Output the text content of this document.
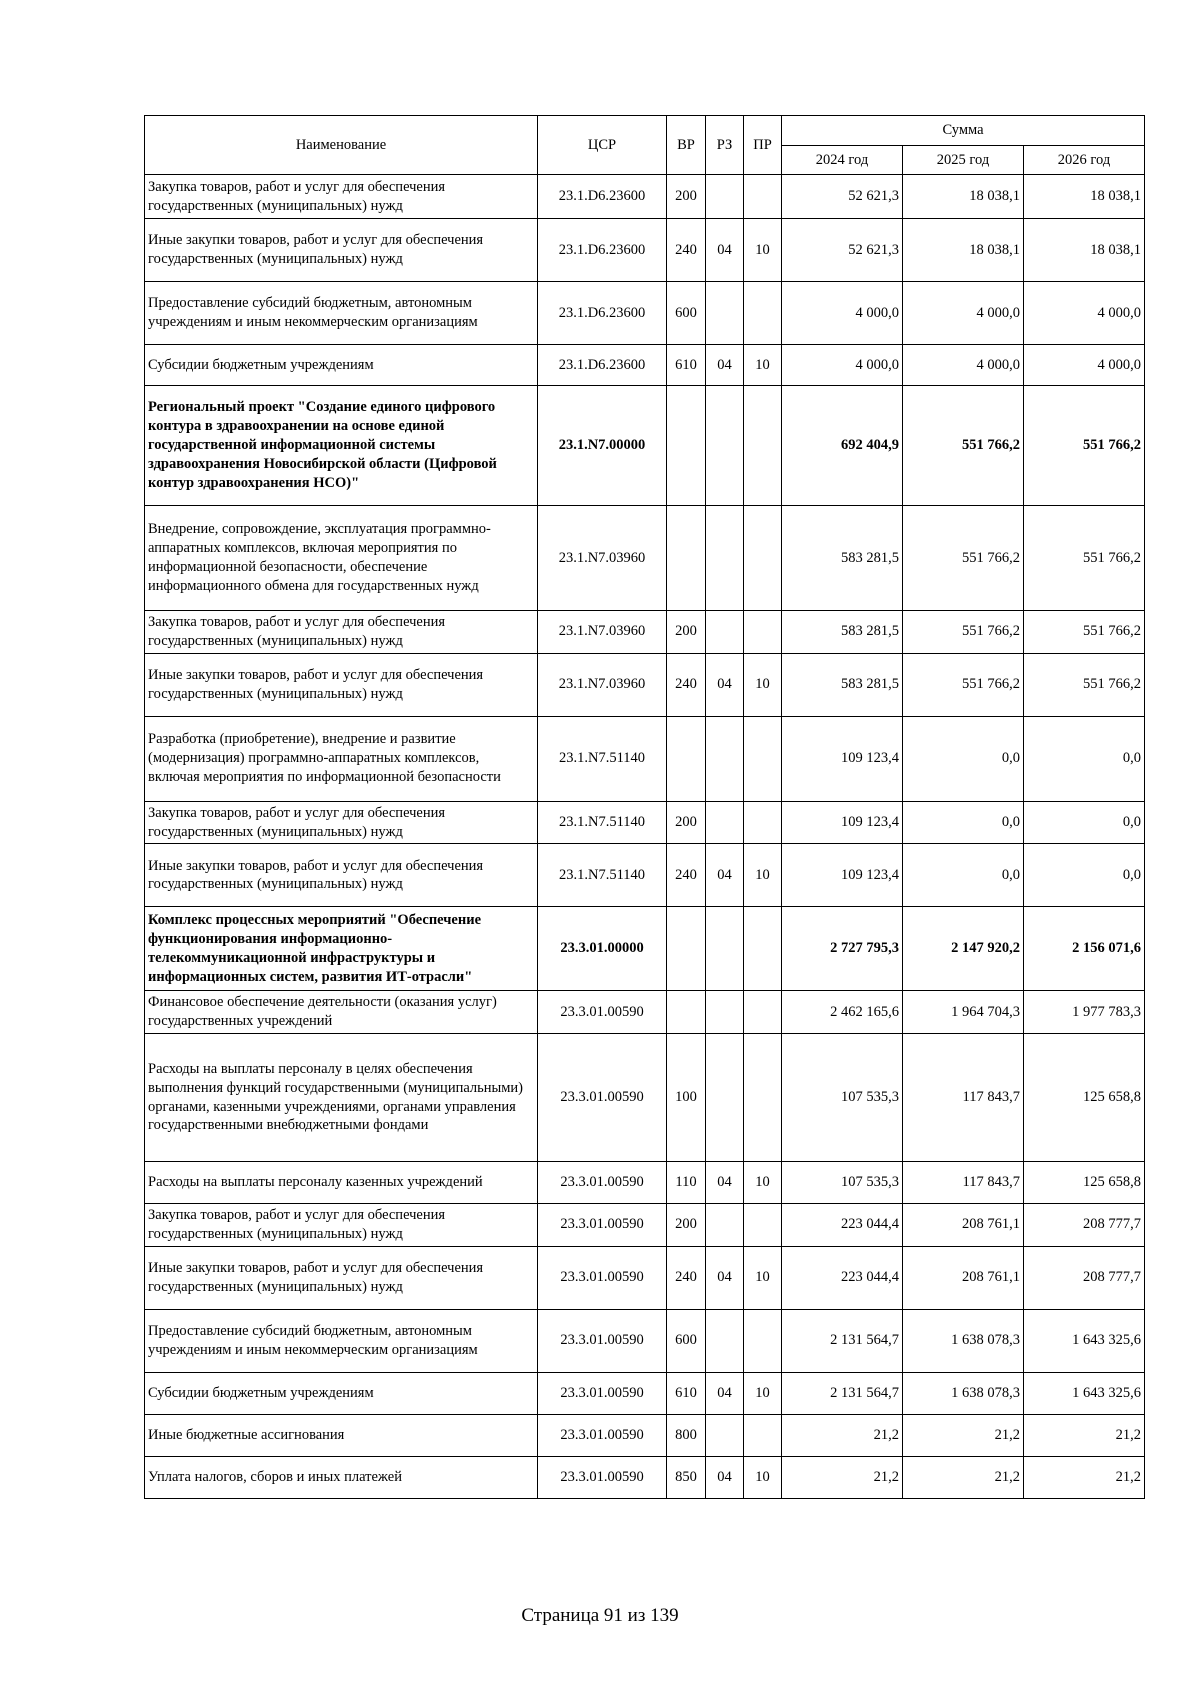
Наименование	ЦСР	ВР	РЗ	ПР	Сумма		
					2024 год	2025 год	2026 год
Закупка товаров, работ и услуг для обеспечения государственных (муниципальных) нужд	23.1.D6.23600	200			52 621,3	18 038,1	18 038,1
Иные закупки товаров, работ и услуг для обеспечения государственных (муниципальных) нужд	23.1.D6.23600	240	04	10	52 621,3	18 038,1	18 038,1
Предоставление субсидий бюджетным, автономным учреждениям и иным некоммерческим организациям	23.1.D6.23600	600			4 000,0	4 000,0	4 000,0
Субсидии бюджетным учреждениям	23.1.D6.23600	610	04	10	4 000,0	4 000,0	4 000,0
Региональный проект "Создание единого цифрового контура в здравоохранении на основе единой государственной информационной системы здравоохранения Новосибирской области (Цифровой контур здравоохранения НСО)"	23.1.N7.00000				692 404,9	551 766,2	551 766,2
Внедрение, сопровождение, эксплуатация программно-аппаратных комплексов, включая мероприятия по информационной безопасности, обеспечение информационного обмена для государственных нужд	23.1.N7.03960				583 281,5	551 766,2	551 766,2
Закупка товаров, работ и услуг для обеспечения государственных (муниципальных) нужд	23.1.N7.03960	200			583 281,5	551 766,2	551 766,2
Иные закупки товаров, работ и услуг для обеспечения государственных (муниципальных) нужд	23.1.N7.03960	240	04	10	583 281,5	551 766,2	551 766,2
Разработка (приобретение), внедрение и развитие (модернизация) программно-аппаратных комплексов, включая мероприятия по информационной безопасности	23.1.N7.51140				109 123,4	0,0	0,0
Закупка товаров, работ и услуг для обеспечения государственных (муниципальных) нужд	23.1.N7.51140	200			109 123,4	0,0	0,0
Иные закупки товаров, работ и услуг для обеспечения государственных (муниципальных) нужд	23.1.N7.51140	240	04	10	109 123,4	0,0	0,0
Комплекс процессных мероприятий "Обеспечение функционирования информационно-телекоммуникационной инфраструктуры и информационных систем, развития ИТ-отрасли"	23.3.01.00000				2 727 795,3	2 147 920,2	2 156 071,6
Финансовое обеспечение деятельности (оказания услуг) государственных учреждений	23.3.01.00590				2 462 165,6	1 964 704,3	1 977 783,3
Расходы на выплаты персоналу в целях обеспечения выполнения функций государственными (муниципальными) органами, казенными учреждениями, органами управления государственными внебюджетными фондами	23.3.01.00590	100			107 535,3	117 843,7	125 658,8
Расходы на выплаты персоналу казенных учреждений	23.3.01.00590	110	04	10	107 535,3	117 843,7	125 658,8
Закупка товаров, работ и услуг для обеспечения государственных (муниципальных) нужд	23.3.01.00590	200			223 044,4	208 761,1	208 777,7
Иные закупки товаров, работ и услуг для обеспечения государственных (муниципальных) нужд	23.3.01.00590	240	04	10	223 044,4	208 761,1	208 777,7
Предоставление субсидий бюджетным, автономным учреждениям и иным некоммерческим организациям	23.3.01.00590	600			2 131 564,7	1 638 078,3	1 643 325,6
Субсидии бюджетным учреждениям	23.3.01.00590	610	04	10	2 131 564,7	1 638 078,3	1 643 325,6
Иные бюджетные ассигнования	23.3.01.00590	800			21,2	21,2	21,2
Уплата налогов, сборов и иных платежей	23.3.01.00590	850	04	10	21,2	21,2	21,2
Страница 91 из 139
